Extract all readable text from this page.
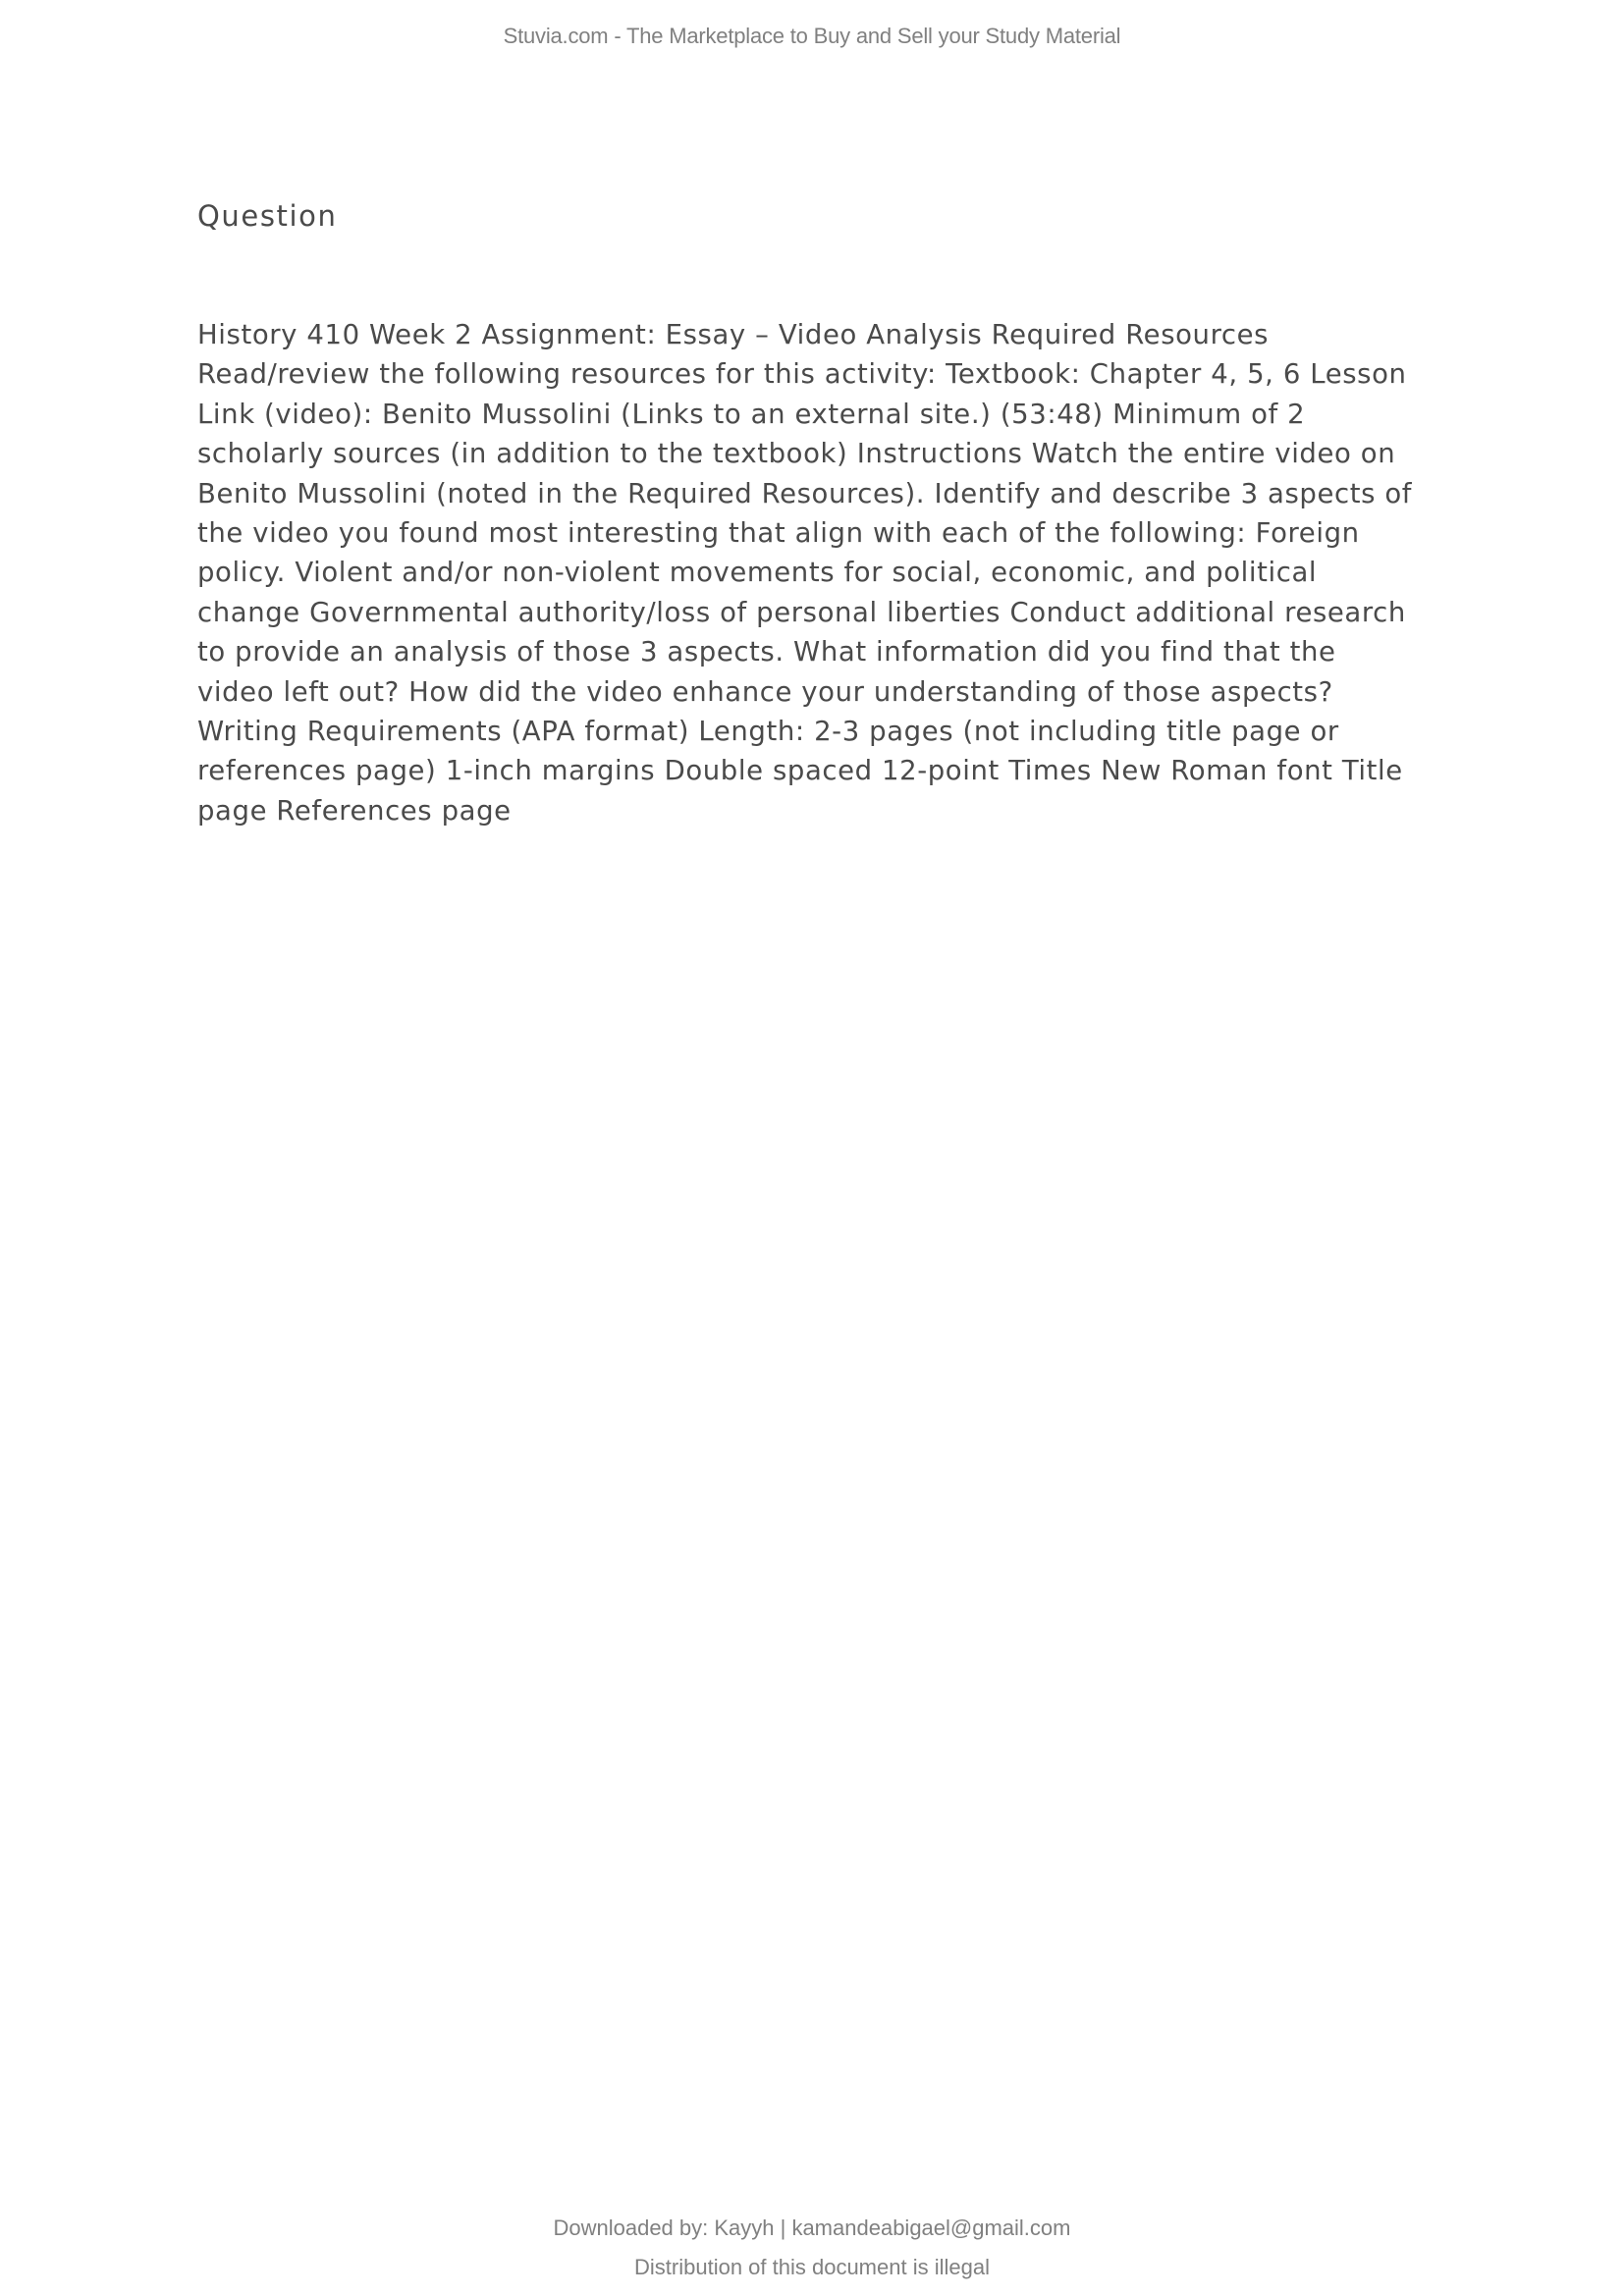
Stuvia.com - The Marketplace to Buy and Sell your Study Material
Question

History 410 Week 2 Assignment: Essay – Video Analysis Required Resources
Read/review the following resources for this activity: Textbook: Chapter 4, 5, 6 Lesson
Link (video): Benito Mussolini (Links to an external site.) (53:48) Minimum of 2
scholarly sources (in addition to the textbook) Instructions Watch the entire video on
Benito Mussolini (noted in the Required Resources). Identify and describe 3 aspects of
the video you found most interesting that align with each of the following: Foreign
policy. Violent and/or non-violent movements for social, economic, and political
change Governmental authority/loss of personal liberties Conduct additional research
to provide an analysis of those 3 aspects. What information did you find that the
video left out? How did the video enhance your understanding of those aspects?
Writing Requirements (APA format) Length: 2-3 pages (not including title page or
references page) 1-inch margins Double spaced 12-point Times New Roman font Title
page References page

Downloaded by: Kayyh | kamandeabigael@gmail.com
Distribution of this document is illegal
